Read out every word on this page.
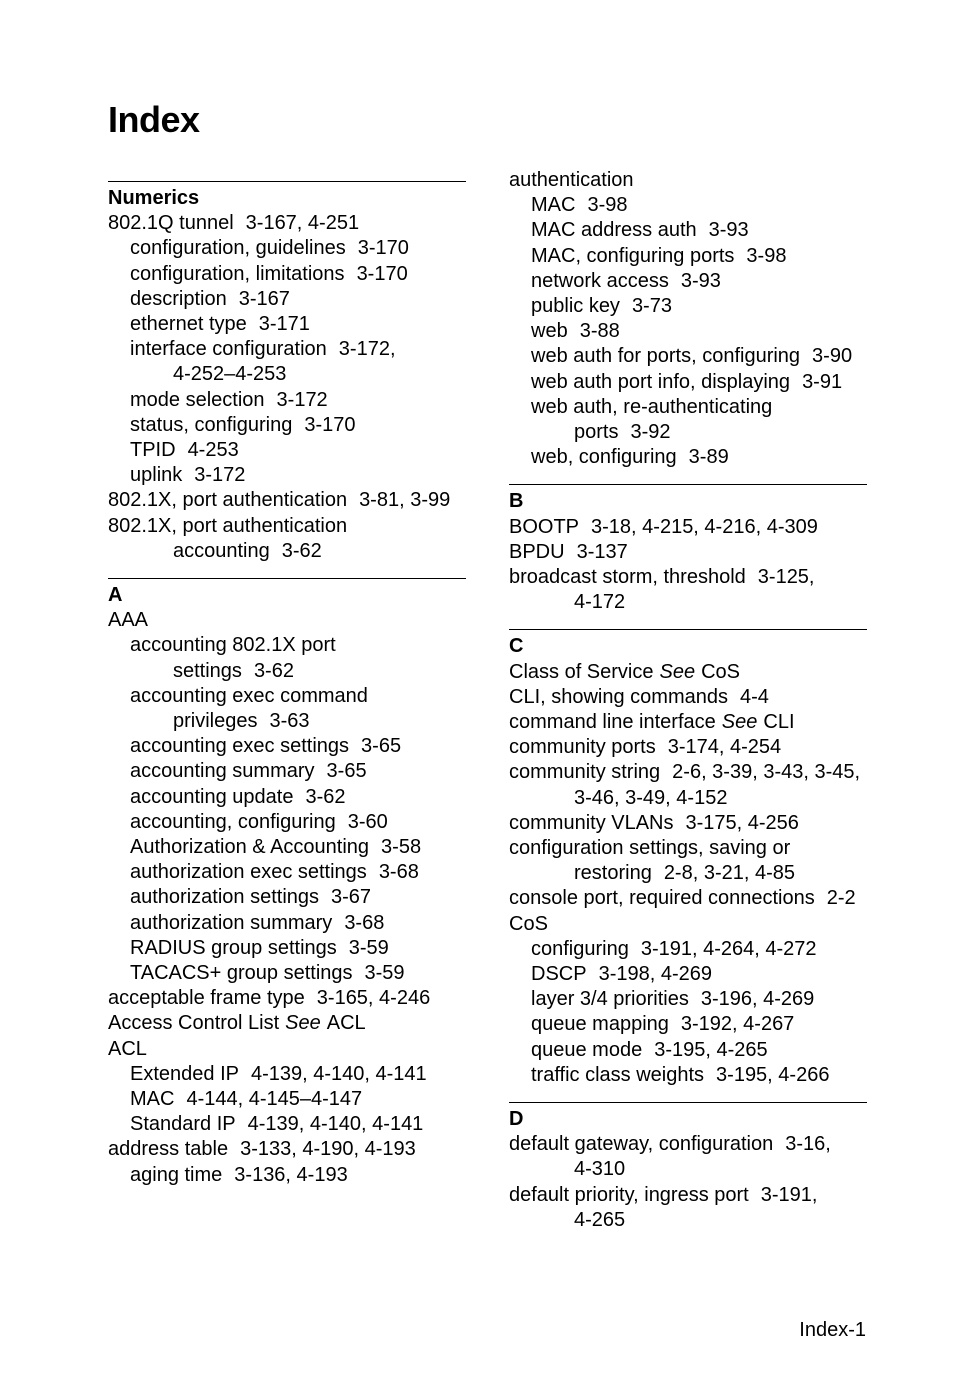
Index
Numerics
802.1Q tunnel 3-167, 4-251
configuration, guidelines 3-170
configuration, limitations 3-170
description 3-167
ethernet type 3-171
interface configuration 3-172,
4-252–4-253
mode selection 3-172
status, configuring 3-170
TPID 4-253
uplink 3-172
802.1X, port authentication 3-81, 3-99
802.1X, port authentication
accounting 3-62
A
AAA
accounting 802.1X port
settings 3-62
accounting exec command
privileges 3-63
accounting exec settings 3-65
accounting summary 3-65
accounting update 3-62
accounting, configuring 3-60
Authorization & Accounting 3-58
authorization exec settings 3-68
authorization settings 3-67
authorization summary 3-68
RADIUS group settings 3-59
TACACS+ group settings 3-59
acceptable frame type 3-165, 4-246
Access Control List See ACL
ACL
Extended IP 4-139, 4-140, 4-141
MAC 4-144, 4-145–4-147
Standard IP 4-139, 4-140, 4-141
address table 3-133, 4-190, 4-193
aging time 3-136, 4-193
authentication
MAC 3-98
MAC address auth 3-93
MAC, configuring ports 3-98
network access 3-93
public key 3-73
web 3-88
web auth for ports, configuring 3-90
web auth port info, displaying 3-91
web auth, re-authenticating
ports 3-92
web, configuring 3-89
B
BOOTP 3-18, 4-215, 4-216, 4-309
BPDU 3-137
broadcast storm, threshold 3-125,
4-172
C
Class of Service See CoS
CLI, showing commands 4-4
command line interface See CLI
community ports 3-174, 4-254
community string 2-6, 3-39, 3-43, 3-45,
3-46, 3-49, 4-152
community VLANs 3-175, 4-256
configuration settings, saving or
restoring 2-8, 3-21, 4-85
console port, required connections 2-2
CoS
configuring 3-191, 4-264, 4-272
DSCP 3-198, 4-269
layer 3/4 priorities 3-196, 4-269
queue mapping 3-192, 4-267
queue mode 3-195, 4-265
traffic class weights 3-195, 4-266
D
default gateway, configuration 3-16,
4-310
default priority, ingress port 3-191,
4-265
Index-1
